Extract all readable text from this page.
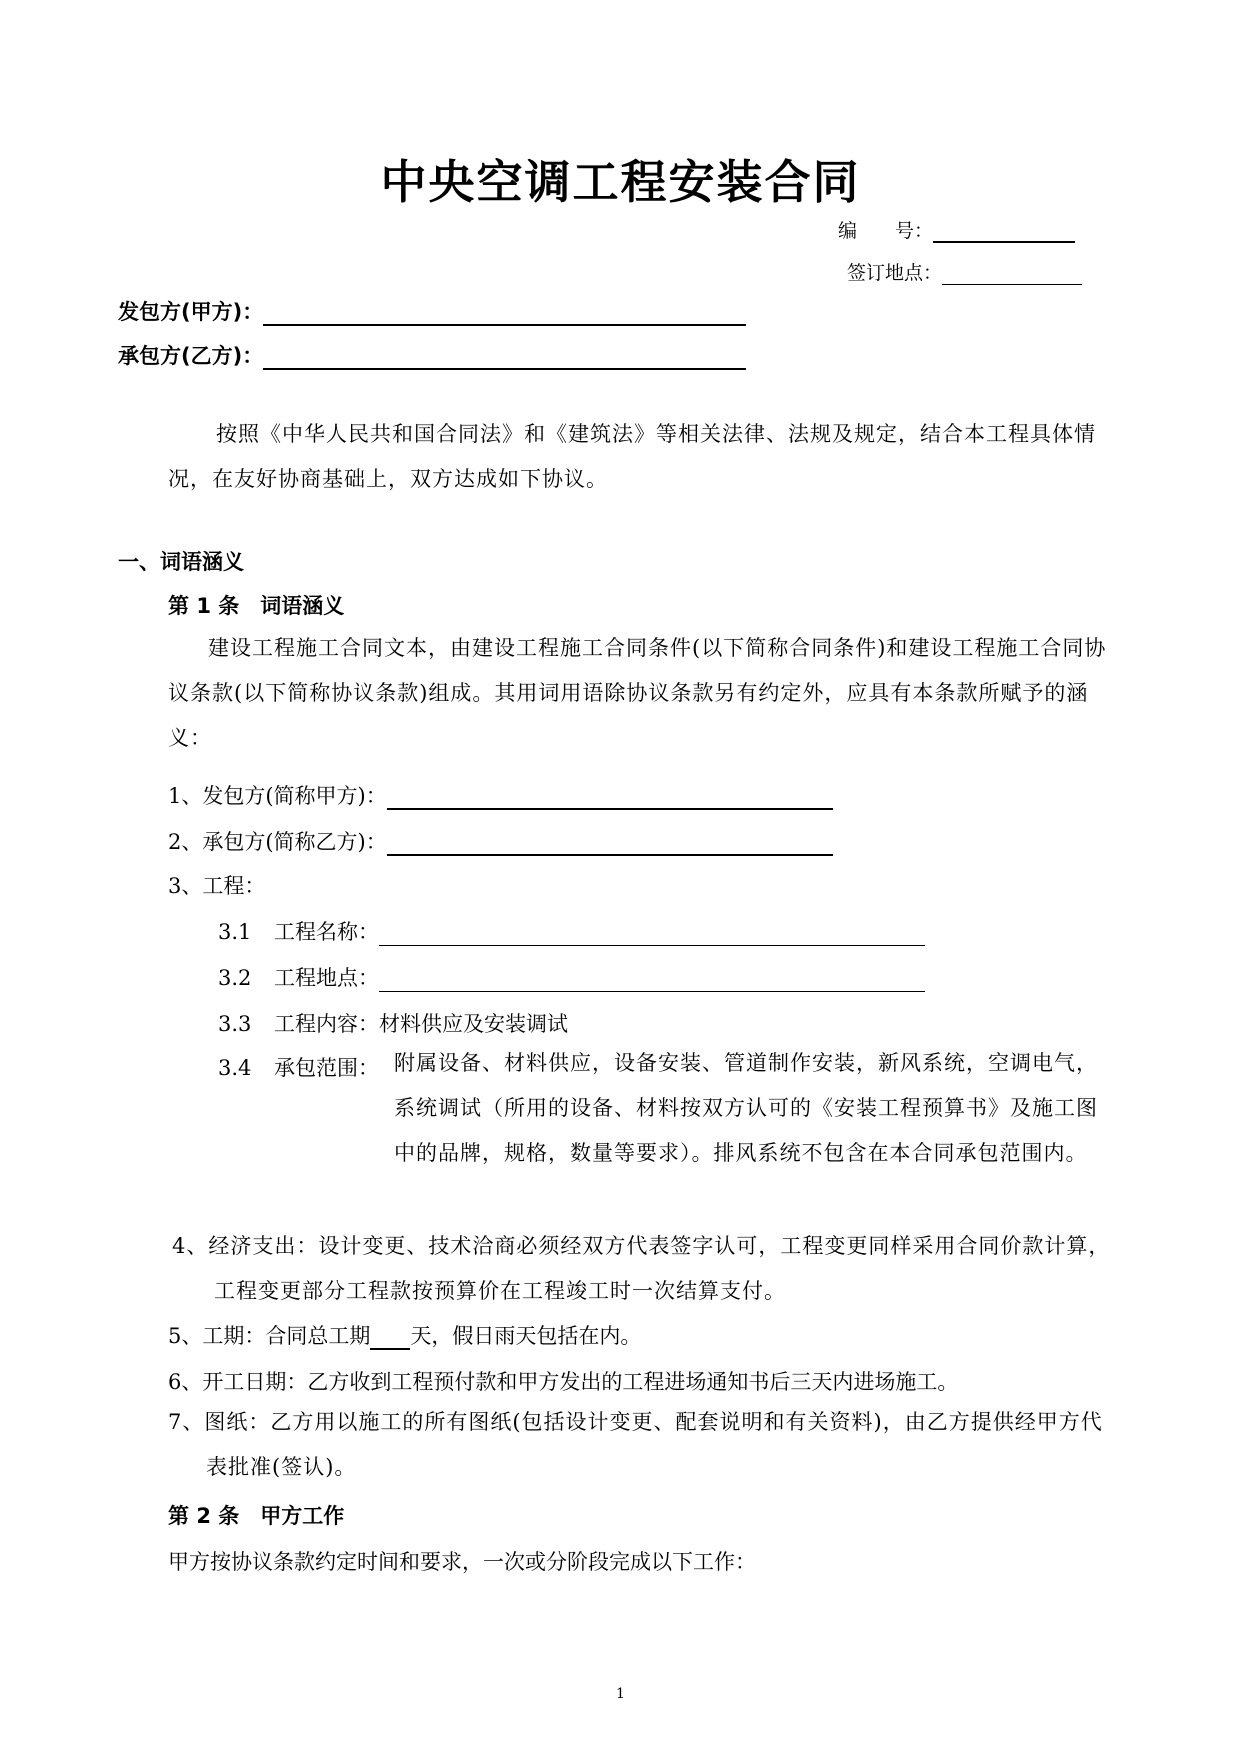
中央空调工程安装合同
编　　号：
签订地点：
发包方(甲方)：
承包方(乙方)：
按照《中华人民共和国合同法》和《建筑法》等相关法律、法规及规定，结合本工程具体情况，在友好协商基础上，双方达成如下协议。
一、词语涵义
第 1 条　词语涵义
建设工程施工合同文本，由建设工程施工合同条件(以下简称合同条件)和建设工程施工合同协议条款(以下简称协议条款)组成。其用词用语除协议条款另有约定外，应具有本条款所赋予的涵义：
1、发包方(简称甲方)：
2、承包方(简称乙方)：
3、工程：
3.1 工程名称：
3.2 工程地点：
3.3 工程内容：材料供应及安装调试
3.4 承包范围： 附属设备、材料供应，设备安装、管道制作安装，新风系统，空调电气，系统调试（所用的设备、材料按双方认可的《安装工程预算书》及施工图中的品牌，规格，数量等要求）。排风系统不包含在本合同承包范围内。
4、经济支出：设计变更、技术洽商必须经双方代表签字认可，工程变更同样采用合同价款计算，工程变更部分工程款按预算价在工程竣工时一次结算支付。
5、工期：合同总工期 天，假日雨天包括在内。
6、开工日期：乙方收到工程预付款和甲方发出的工程进场通知书后三天内进场施工。
7、图纸：乙方用以施工的所有图纸(包括设计变更、配套说明和有关资料)，由乙方提供经甲方代表批准(签认)。
第 2 条　甲方工作
甲方按协议条款约定时间和要求，一次或分阶段完成以下工作：
1
